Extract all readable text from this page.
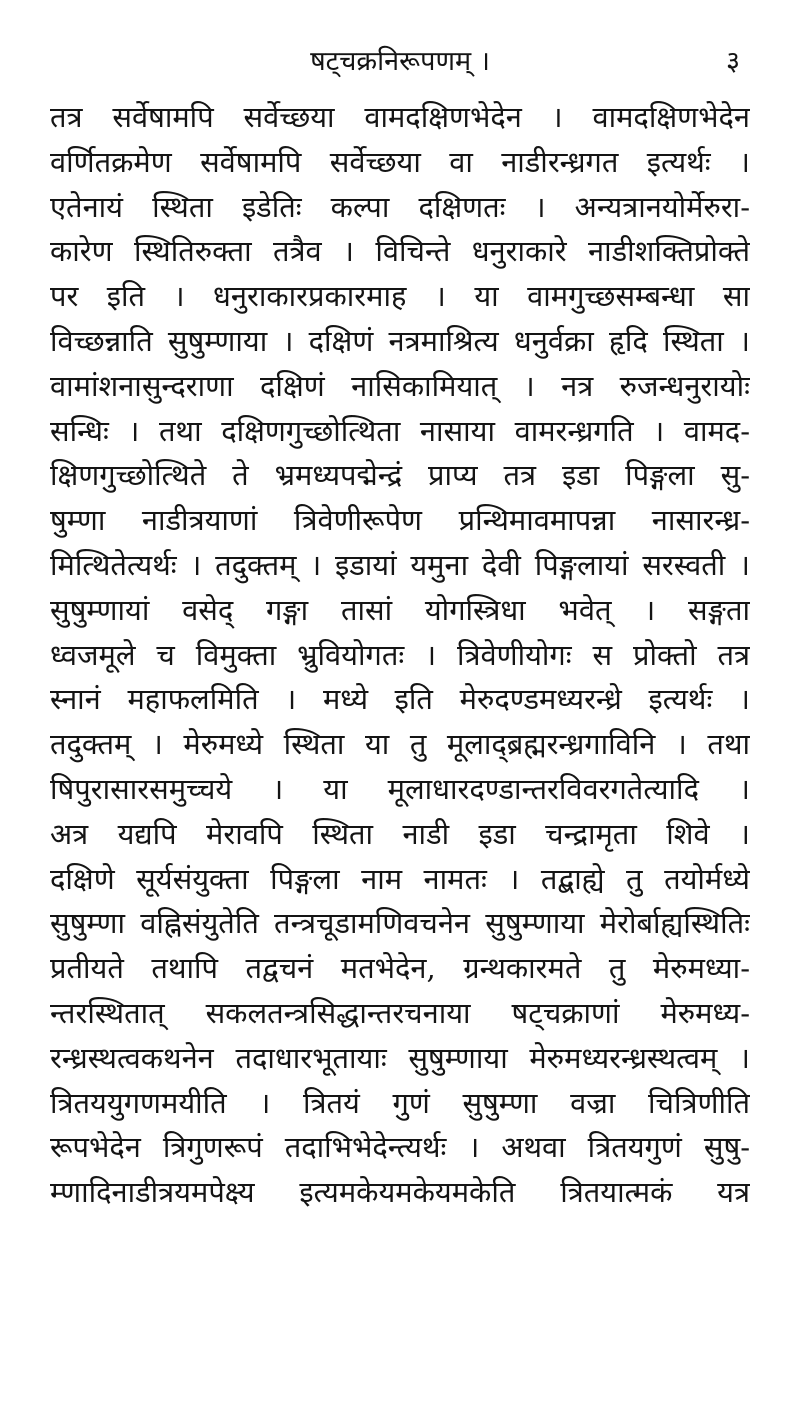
षट्चक्रनिरूपणम् ।	३
तत्र सर्वेषामपि सर्वेच्छया वामदक्षिणभेदेन । वामदक्षिणभेदेन
वर्णितक्रमेण सर्वेषामपि सर्वेच्छया वा नाडीरन्ध्रगत इत्यर्थः ।
एतेनायं स्थिता इडेतिः कल्पा दक्षिणतः । अन्यत्रानयोर्मेरुरा-
कारेण स्थितिरुक्ता तत्रैव । विचिन्ते धनुराकारे नाडीशक्तिप्रोक्ते
पर इति । धनुराकारप्रकारमाह । या वामगुच्छसम्बन्धा सा
विच्छन्नाति सुषुम्णाया । दक्षिणं नत्रमाश्रित्य धनुर्वक्रा हृदि स्थिता ।
वामांशनासुन्दराणा दक्षिणं नासिकामियात् । नत्र रुजन्धनुरायोः
सन्धिः । तथा दक्षिणगुच्छोत्थिता नासाया वामरन्ध्रगति । वामद-
क्षिणगुच्छोत्थिते ते भ्रमध्यपद्मेन्द्रं प्राप्य तत्र इडा पिङ्गला सु-
षुम्णा नाडीत्रयाणां त्रिवेणीरूपेण प्रन्थिमावमापन्ना नासारन्ध्र-
मित्थितेत्यर्थः । तदुक्तम् । इडायां यमुना देवी पिङ्गलायां सरस्वती ।
सुषुम्णायां वसेद् गङ्गा तासां योगस्त्रिधा भवेत् । सङ्गता
ध्वजमूले च विमुक्ता भ्रुवियोगतः । त्रिवेणीयोगः स प्रोक्तो तत्र
स्नानं महाफलमिति । मध्ये इति मेरुदण्डमध्यरन्ध्रे इत्यर्थः ।
तदुक्तम् । मेरुमध्ये स्थिता या तु मूलाद्ब्रह्मरन्ध्रगाविनि । तथा
षिपुरासारसमुच्चये । या मूलाधारदण्डान्तरविवरगतेत्यादि ।
अत्र यद्यपि मेरावपि स्थिता नाडी इडा चन्द्रामृता शिवे ।
दक्षिणे सूर्यसंयुक्ता पिङ्गला नाम नामतः । तद्बाह्ये तु तयोर्मध्ये
सुषुम्णा वह्निसंयुतेति तन्त्रचूडामणिवचनेन सुषुम्णाया मेरोर्बाह्यस्थितिः
प्रतीयते तथापि तद्वचनं मतभेदेन, ग्रन्थकारमते तु मेरुमध्या-
न्तरस्थितात् सकलतन्त्रसिद्धान्तरचनाया षट्चक्राणां मेरुमध्य-
रन्ध्रस्थत्वकथनेन तदाधारभूतायाः सुषुम्णाया मेरुमध्यरन्ध्रस्थत्वम् ।
त्रितययुगणमयीति । त्रितयं गुणं सुषुम्णा वज्रा चित्रिणीति
रूपभेदेन त्रिगुणरूपं तदाभिभेदेन्त्यर्थः । अथवा त्रितयगुणं सुषु-
म्णादिनाडीत्रयमपेक्ष्य इत्यमकेयमकेयमकेति त्रितयात्मकं यत्र
